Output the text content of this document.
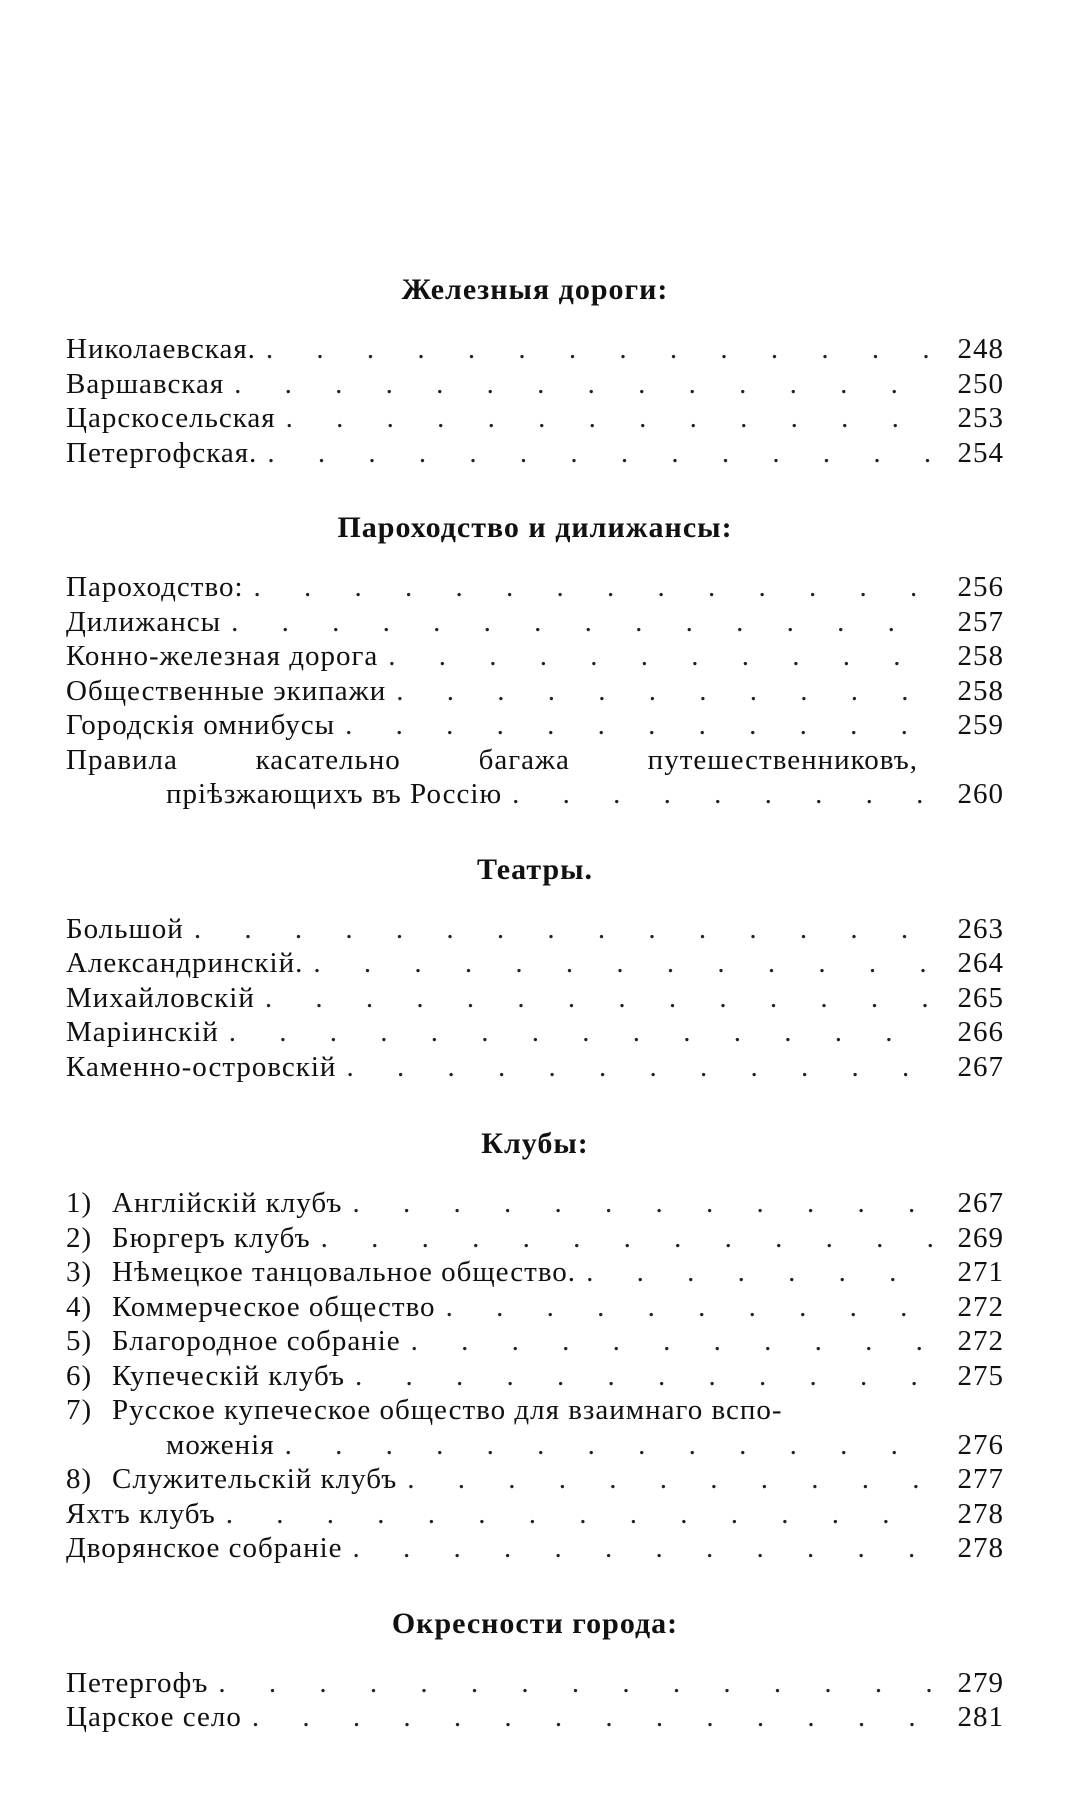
Железныя дороги:
Николаевская. . . .	248
Варшавская . . .	250
Царскосельская . . .	253
Петергофская. . . .	254
Пароходство и дилижансы:
Пароходство: . . .	256
Дилижансы . . .	257
Конно-железная дорога . . .	258
Общественные экипажи . . .	258
Городскія омнибусы . . .	259
Правила касательно багажа путешественниковъ,
пріѣзжающихъ въ Россію . . .	260
Театры.
Большой . . .	263
Александринскій. . . .	264
Михайловскій . . .	265
Маріинскій . . .	266
Каменно-островскій . . .	267
Клубы:
1) Англійскій клубъ . . .	267
2) Бюргеръ клубъ . . .	269
3) Нѣмецкое танцовальное общество. . . .	271
4) Коммерческое общество . . .	272
5) Благородное собраніе . . .	272
6) Купеческій клубъ . . .	275
7) Русское купеческое общество для взаимнаго вспо-
моженія . . .	276
8) Служительскій клубъ . . .	277
Яхтъ клубъ . . .	278
Дворянское собраніе . . .	278
Окресности города:
Петергофъ . . .	279
Царское село . . .	281
